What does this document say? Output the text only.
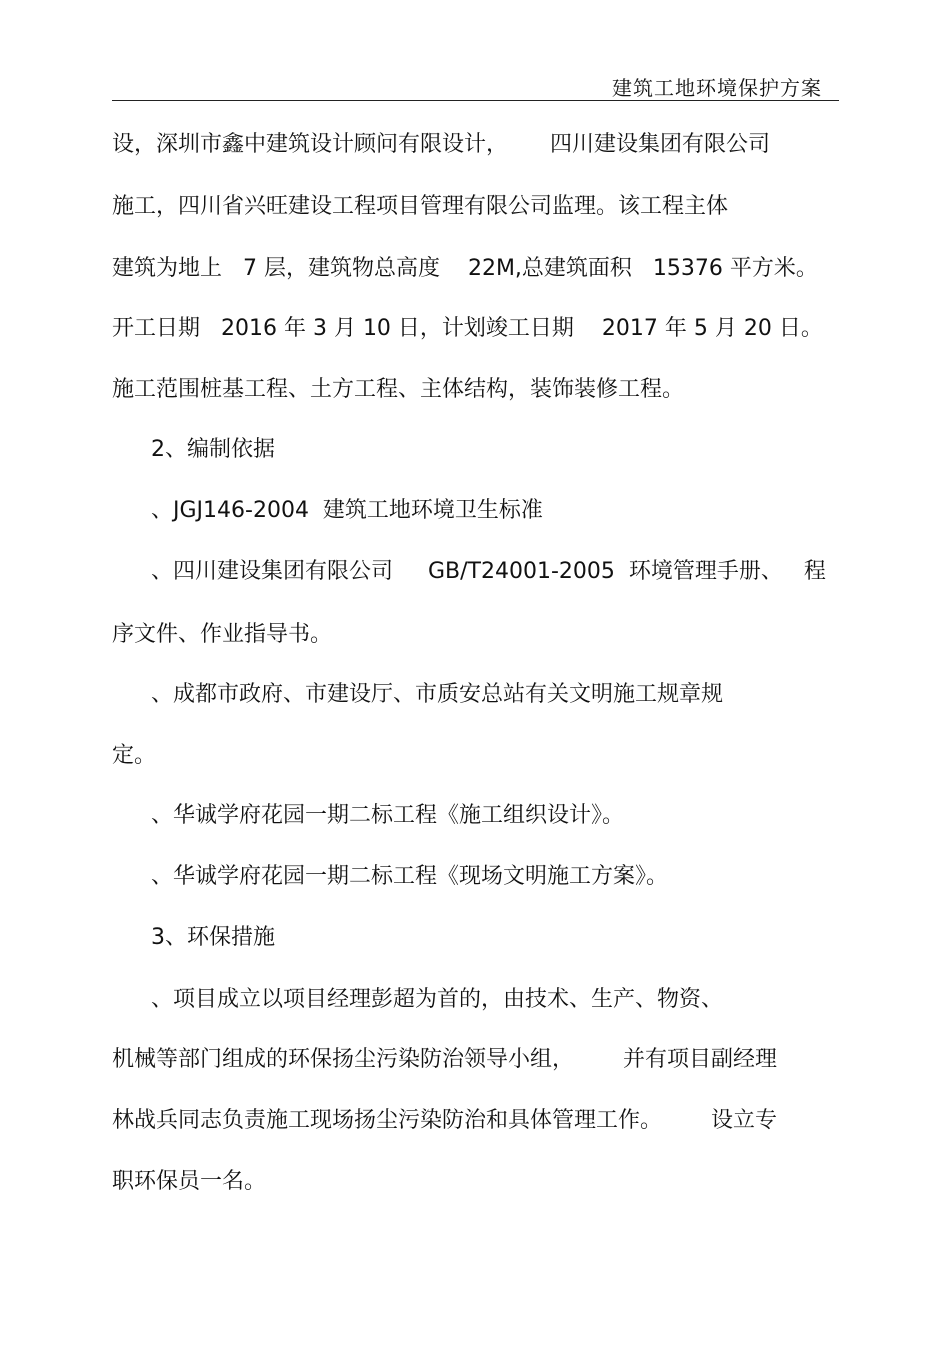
建筑工地环境保护方案
设，深圳市鑫中建筑设计顾问有限设计，      四川建设集团有限公司
施工，四川省兴旺建设工程项目管理有限公司监理。该工程主体
建筑为地上   7 层，建筑物总高度    22M,总建筑面积   15376 平方米。
开工日期   2016 年 3 月 10 日，计划竣工日期    2017 年 5 月 20 日。
施工范围桩基工程、土方工程、主体结构，装饰装修工程。
2、编制依据
、JGJ146-2004  建筑工地环境卫生标准
、四川建设集团有限公司     GB/T24001-2005  环境管理手册、   程
序文件、作业指导书。
、成都市政府、市建设厅、市质安总站有关文明施工规章规
定。
、华诚学府花园一期二标工程《施工组织设计》。
、华诚学府花园一期二标工程《现场文明施工方案》。
3、环保措施
、项目成立以项目经理彭超为首的，由技术、生产、物资、
机械等部门组成的环保扬尘污染防治领导小组，       并有项目副经理
林战兵同志负责施工现场扬尘污染防治和具体管理工作。       设立专
职环保员一名。
